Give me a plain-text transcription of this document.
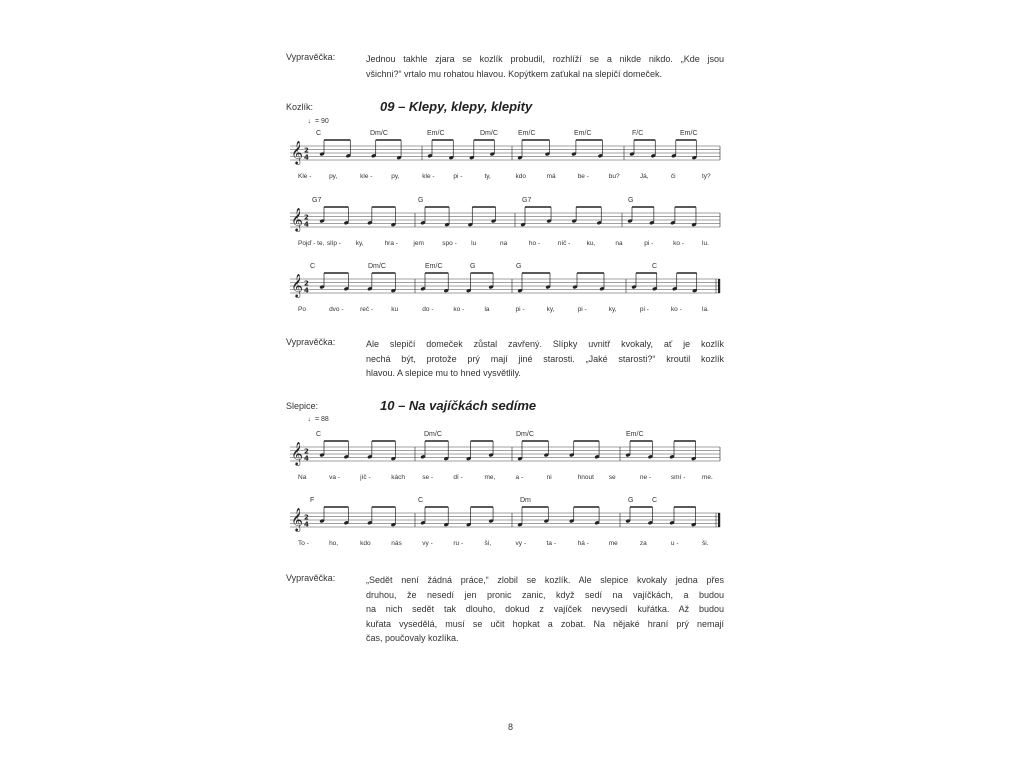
Vypravěčka:	Jednou takhle zjara se kozlík probudil, rozhlíží se a nikde nikdo. „Kde jsou
všichni?“ vrtalo mu rohatou hlavou. Kopýtkem zaťukal na slepičí domeček.
Kozlík:	09 – Klepy, klepy, klepity
♩= 90
Slepice:	10 – Na vajíčkách sedíme
♩= 88
Vypravěčka:	Ale slepičí domeček zůstal zavřený. Slípky uvnitř kvokaly, ať je kozlík
nechá být, protože prý mají jiné starosti. „Jaké starosti?“ kroutil kozlík
hlavou. A slepice mu to hned vysvětlily.
Vypravěčka:	„Sedět není žádná práce,“ zlobil se kozlík. Ale slepice kvokaly jedna přes
druhou, že nesedí jen pronic zanic, když sedí na vajíčkách, a budou
na nich sedět tak dlouho, dokud z vajíček nevysedí kuřátka. Až budou
kuřata vysedělá, musí se učit hopkat a zobat. Na nějaké hraní prý nemají
čas, poučovaly kozlíka.
𝄞 2
4
𝄞 2
4
𝄞 2
4
𝄞 2
4
𝄞 2
4
C	Dm/C	Em/C	Dm/C	Em/C	Em/C	F/C	Em/C
G7	G	G7	G
C	Dm/C	Em/C	G	G	C
C	Dm/C	Dm/C	Em/C
F	C	Dm	G	C
Kle -	py,	kle -	py,	kle -	pi -	ty,	kdo	má	be -	bu?	Já,	či	ty?
Pojď - te, slíp - ky,	hra - jem	spo - lu	na	ho -	níč - ku,	na	pi -	ko -	lu.
Po	dvo -	reč -	ku	do -	ko -	la	pi -	ky,	pi -	ky,	pi -	ko -	la.
Na	va -	jíč -	kách	se -	dí -	me,	a -	ni	hnout se	ne -	smí -	me.
To -	ho,	kdo	nás	vy -	ru -	ší,	vy -	ta -	há -	me	za	u -	ši.
8
